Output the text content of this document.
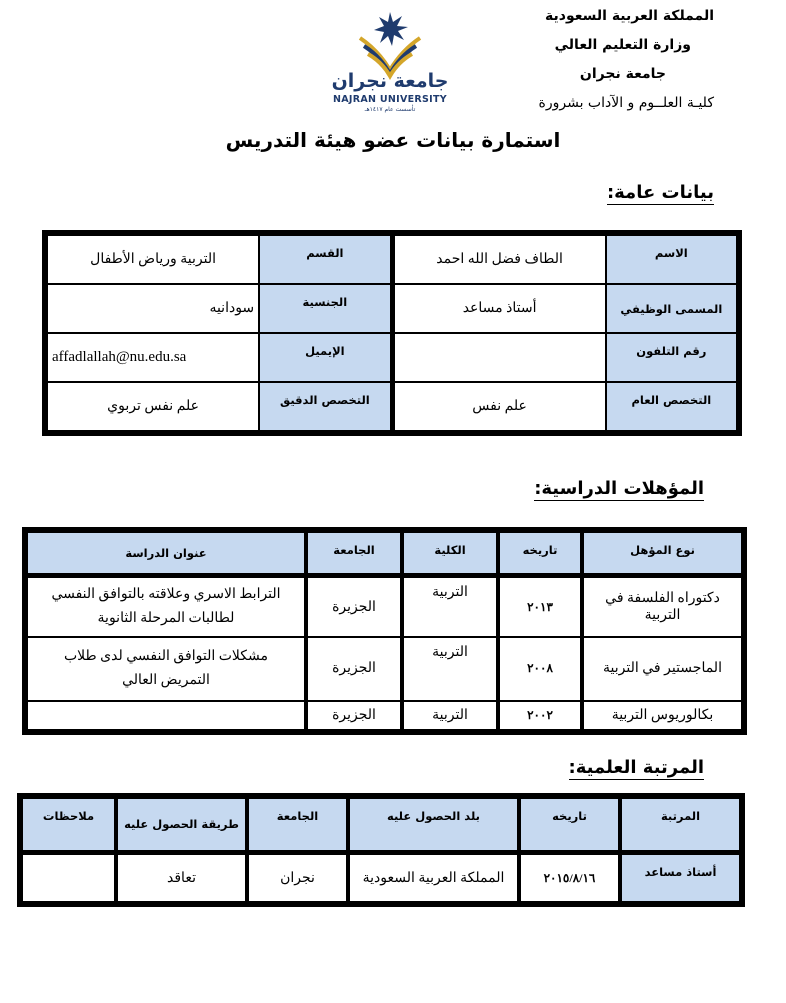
المملكة العربية السعودية
وزارة التعليم العالي
جامعة نجران
كليـة العلــوم و الآداب بشرورة
جامعة نجران
NAJRAN UNIVERSITY
تأسست عام ١٤١٧هـ
استمارة بيانات عضو هيئة التدريس
بيانات عامة:
الاسم	الطاف فضل الله احمد	القسم	التربية ورياض الأطفال
المسمى الوظيفي	أستاذ مساعد	الجنسية	سودانيه
رقم التلفون		الإيميل	affadlallah@nu.edu.sa
التخصص العام	علم نفس	التخصص الدقيق	علم نفس تربوي
المؤهلات الدراسية:
نوع المؤهل	تاريخه	الكلية	الجامعة	عنوان الدراسة
دكتوراه الفلسفة في التربية	٢٠١٣	التربية	الجزيرة	الترابط الاسري وعلاقته بالتوافق النفسي
لطالبات المرحلة الثانوية

الماجستير في التربية	٢٠٠٨	التربية	الجزيرة	مشكلات التوافق النفسي لدى طلاب
التمريض العالي

بكالوريوس التربية	٢٠٠٢	التربية	الجزيرة	
المرتبة العلمية:
المرتبة	تاريخه	بلد الحصول عليه	الجامعة	طريقة الحصول عليه	ملاحظات
أستاذ مساعد	٢٠١٥/٨/١٦	المملكة العربية السعودية	نجران	تعاقد	
